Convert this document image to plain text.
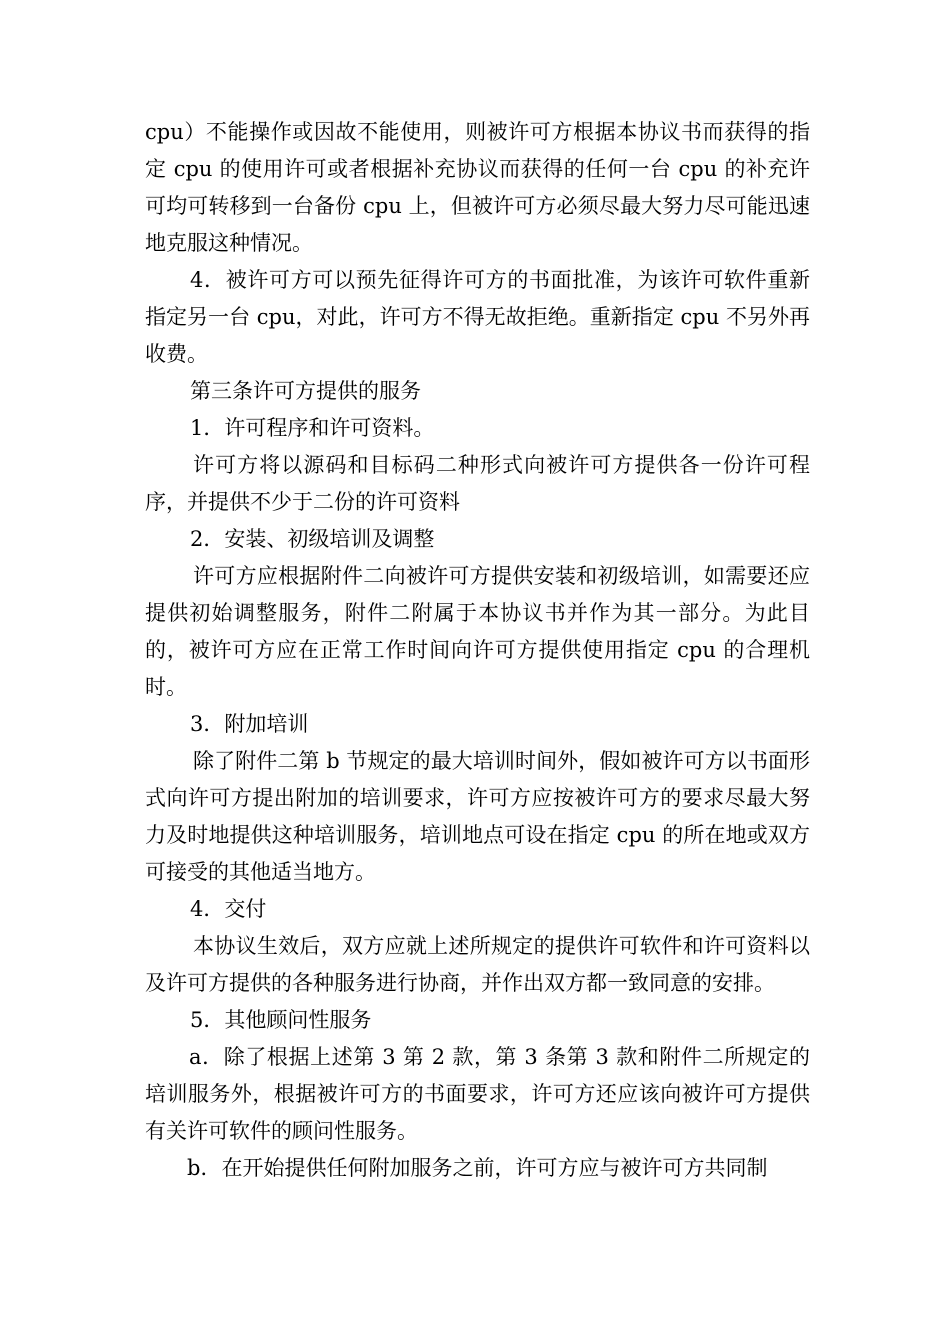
cpu）不能操作或因故不能使用，则被许可方根据本协议书而获得的指定 cpu 的使用许可或者根据补充协议而获得的任何一台 cpu 的补充许可均可转移到一台备份 cpu 上，但被许可方必须尽最大努力尽可能迅速地克服这种情况。

4．被许可方可以预先征得许可方的书面批准，为该许可软件重新指定另一台 cpu，对此，许可方不得无故拒绝。重新指定 cpu 不另外再收费。

第三条许可方提供的服务

1．许可程序和许可资料。

许可方将以源码和目标码二种形式向被许可方提供各一份许可程序，并提供不少于二份的许可资料

2．安装、初级培训及调整

许可方应根据附件二向被许可方提供安装和初级培训，如需要还应提供初始调整服务，附件二附属于本协议书并作为其一部分。为此目的，被许可方应在正常工作时间向许可方提供使用指定 cpu 的合理机时。

3．附加培训

除了附件二第 b 节规定的最大培训时间外，假如被许可方以书面形式向许可方提出附加的培训要求，许可方应按被许可方的要求尽最大努力及时地提供这种培训服务，培训地点可设在指定 cpu 的所在地或双方可接受的其他适当地方。

4．交付

本协议生效后，双方应就上述所规定的提供许可软件和许可资料以及许可方提供的各种服务进行协商，并作出双方都一致同意的安排。

5．其他顾问性服务

a．除了根据上述第 3 第 2 款，第 3 条第 3 款和附件二所规定的培训服务外，根据被许可方的书面要求，许可方还应该向被许可方提供有关许可软件的顾问性服务。

b．在开始提供任何附加服务之前，许可方应与被许可方共同制
